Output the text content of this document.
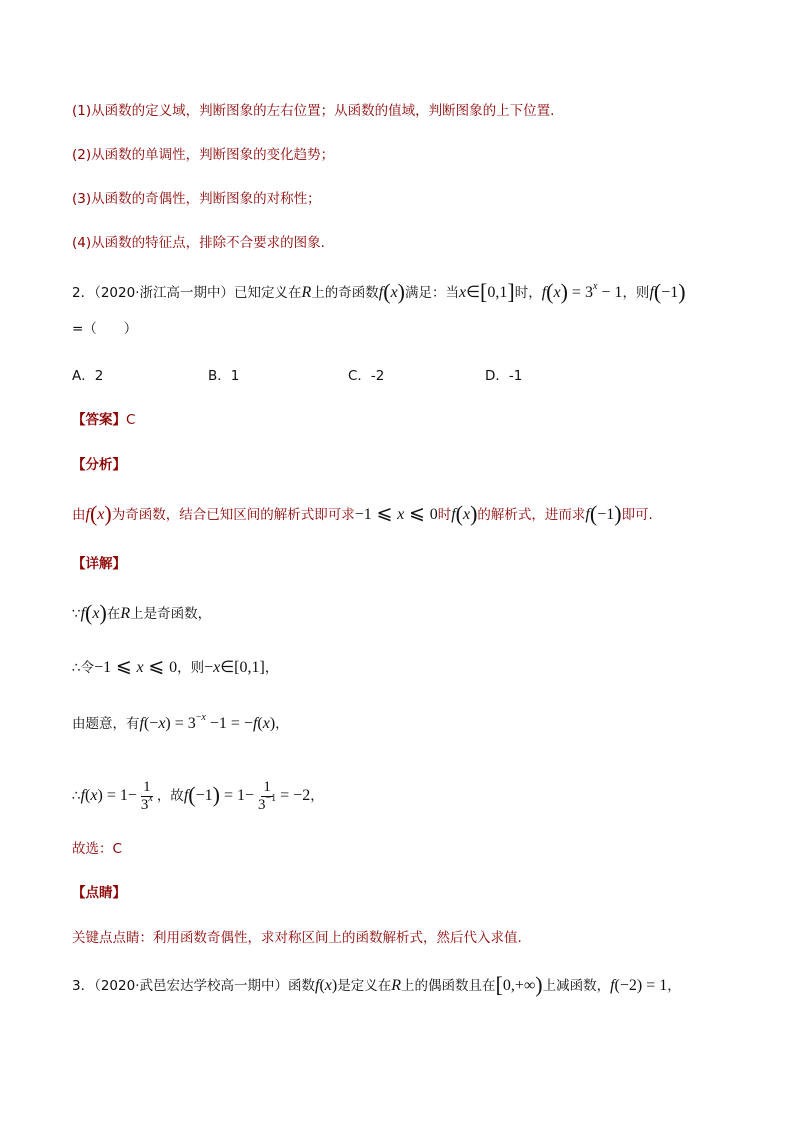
(1)从函数的定义域，判断图象的左右位置；从函数的值域，判断图象的上下位置.
(2)从函数的单调性，判断图象的变化趋势；
(3)从函数的奇偶性，判断图象的对称性；
(4)从函数的特征点，排除不合要求的图象.
2．（2020·浙江高一期中）已知定义在R上的奇函数f(x)满足：当x∈[0,1]时，$f(x) = 3^x - 1$，则f(−1)
=（　　）
A．2	B．1	C．-2	D．-1
【答案】C
【分析】
由f(x)为奇函数，结合已知区间的解析式即可求−1 ⩽ x ⩽ 0时f(x)的解析式，进而求f(−1)即可.
【详解】
∵f(x)在R上是奇函数，
∴令−1 ⩽ x ⩽ 0，则−x∈[0,1]，
由题意，有$f(-x) = 3^{-x} -1 = -f(x)$，
∴f(x) = $1- \frac{1}{3^x}$ ，故$f(-1) = 1- \frac{1}{3^{-1}} = -2$，
故选：C
【点睛】
关键点点睛：利用函数奇偶性，求对称区间上的函数解析式，然后代入求值.
3．（2020·武邑宏达学校高一期中）函数f(x)是定义在R上的偶函数且在[0,+∞)上减函数，f(−2) = 1，
